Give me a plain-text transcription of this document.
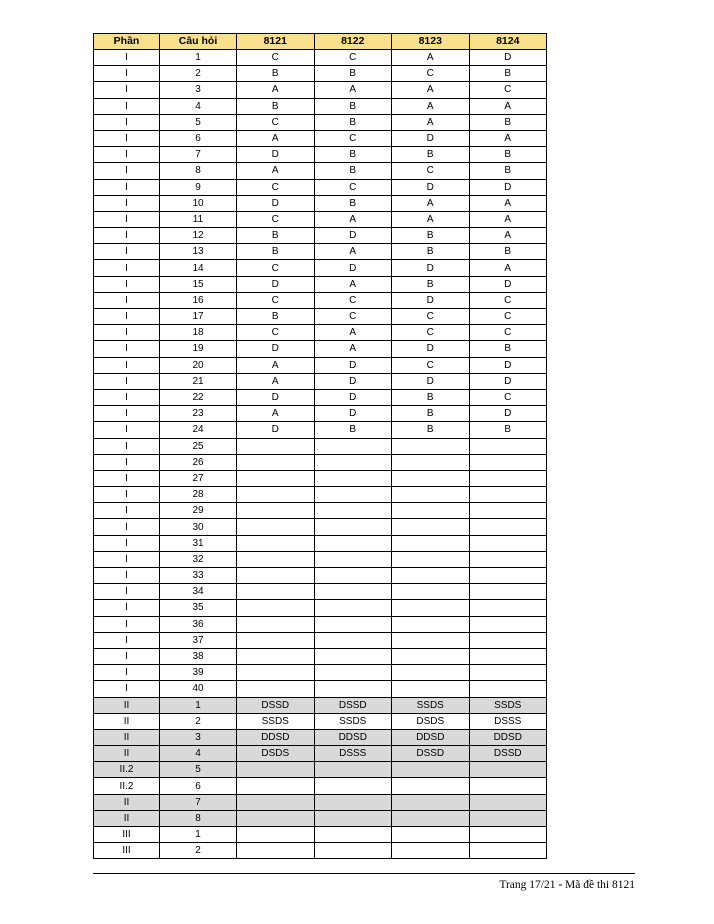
Phần	Câu hỏi	8121	8122	8123	8124
I	1	C	C	A	D
I	2	B	B	C	B
I	3	A	A	A	C
I	4	B	B	A	A
I	5	C	B	A	B
I	6	A	C	D	A
I	7	D	B	B	B
I	8	A	B	C	B
I	9	C	C	D	D
I	10	D	B	A	A
I	11	C	A	A	A
I	12	B	D	B	A
I	13	B	A	B	B
I	14	C	D	D	A
I	15	D	A	B	D
I	16	C	C	D	C
I	17	B	C	C	C
I	18	C	A	C	C
I	19	D	A	D	B
I	20	A	D	C	D
I	21	A	D	D	D
I	22	D	D	B	C
I	23	A	D	B	D
I	24	D	B	B	B
I	25				
I	26				
I	27				
I	28				
I	29				
I	30				
I	31				
I	32				
I	33				
I	34				
I	35				
I	36				
I	37				
I	38				
I	39				
I	40				
II	1	DSSD	DSSD	SSDS	SSDS
II	2	SSDS	SSDS	DSDS	DSSS
II	3	DDSD	DDSD	DDSD	DDSD
II	4	DSDS	DSSS	DSSD	DSSD
II.2	5				
II.2	6				
II	7				
II	8				
III	1				
III	2				
Trang 17/21 - Mã đề thi 8121
